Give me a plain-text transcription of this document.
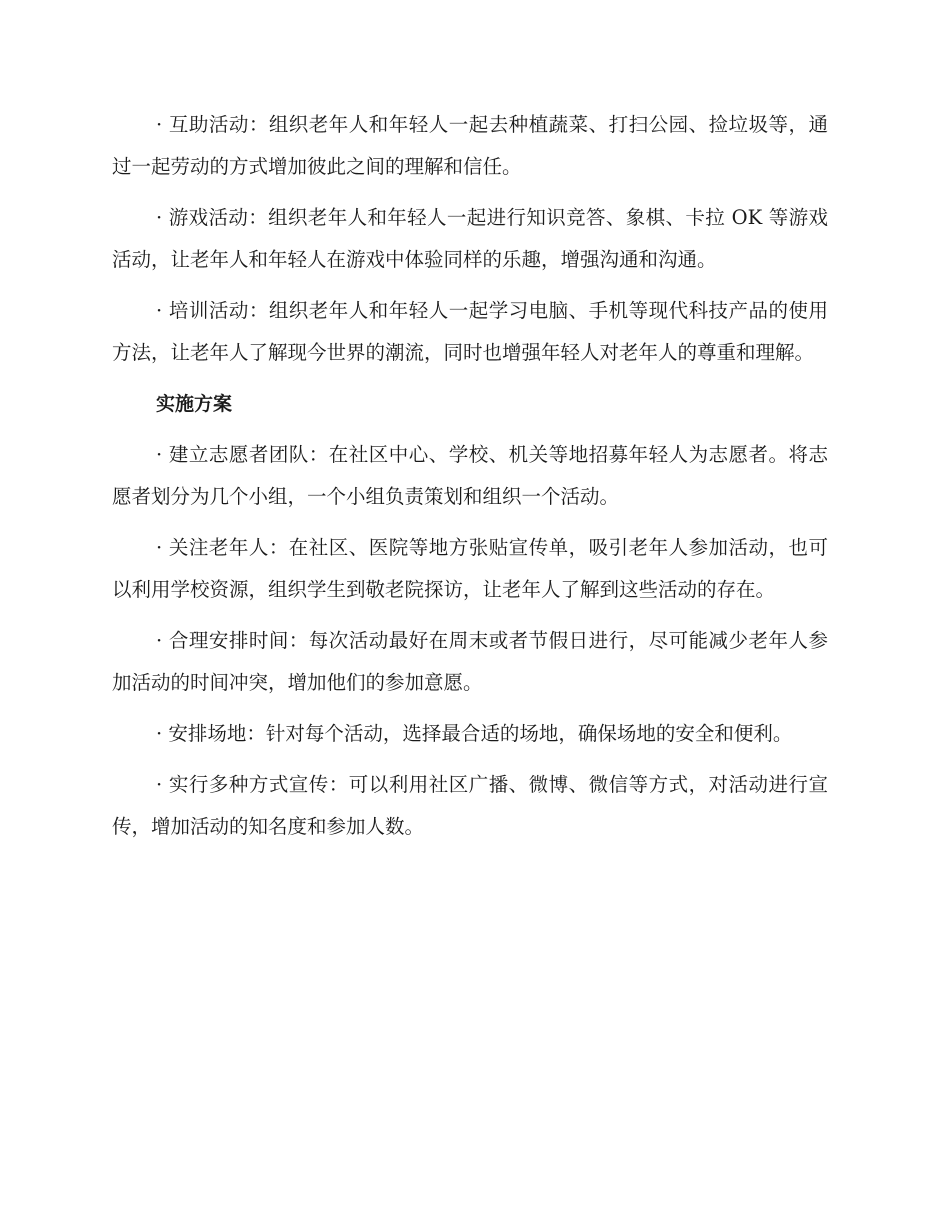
· 互助活动：组织老年人和年轻人一起去种植蔬菜、打扫公园、捡垃圾等，通过一起劳动的方式增加彼此之间的理解和信任。

· 游戏活动：组织老年人和年轻人一起进行知识竞答、象棋、卡拉 OK 等游戏活动，让老年人和年轻人在游戏中体验同样的乐趣，增强沟通和沟通。

· 培训活动：组织老年人和年轻人一起学习电脑、手机等现代科技产品的使用方法，让老年人了解现今世界的潮流，同时也增强年轻人对老年人的尊重和理解。

实施方案

· 建立志愿者团队：在社区中心、学校、机关等地招募年轻人为志愿者。将志愿者划分为几个小组，一个小组负责策划和组织一个活动。

· 关注老年人：在社区、医院等地方张贴宣传单，吸引老年人参加活动，也可以利用学校资源，组织学生到敬老院探访，让老年人了解到这些活动的存在。

· 合理安排时间：每次活动最好在周末或者节假日进行，尽可能减少老年人参加活动的时间冲突，增加他们的参加意愿。

· 安排场地：针对每个活动，选择最合适的场地，确保场地的安全和便利。

· 实行多种方式宣传：可以利用社区广播、微博、微信等方式，对活动进行宣传，增加活动的知名度和参加人数。
